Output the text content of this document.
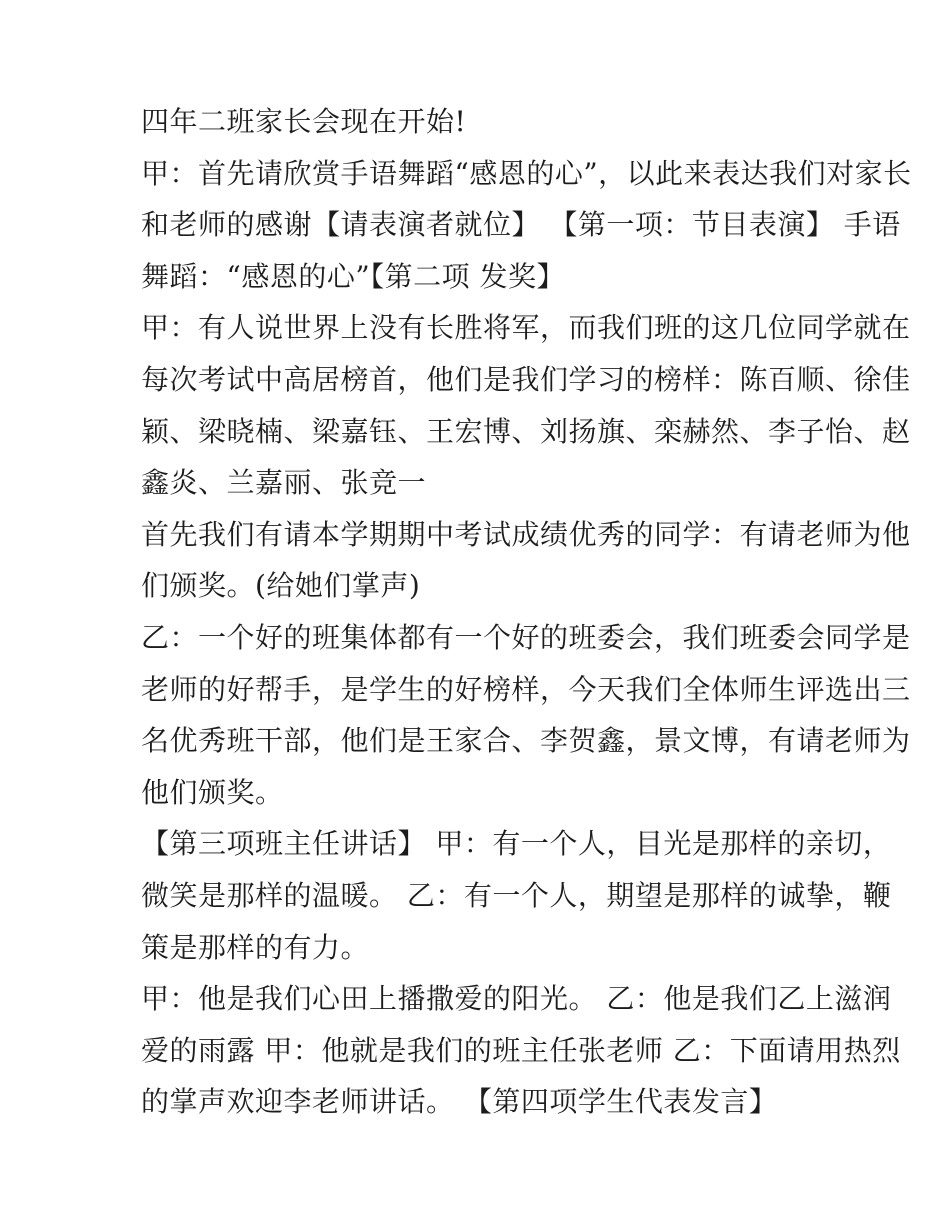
四年二班家长会现在开始!
甲：首先请欣赏手语舞蹈“感恩的心”，以此来表达我们对家长
和老师的感谢【请表演者就位】 【第一项：节目表演】 手语
舞蹈：“感恩的心”【第二项 发奖】
甲：有人说世界上没有长胜将军，而我们班的这几位同学就在
每次考试中高居榜首，他们是我们学习的榜样：陈百顺、徐佳
颖、梁晓楠、梁嘉钰、王宏博、刘扬旗、栾赫然、李子怡、赵
鑫炎、兰嘉丽、张竞一
首先我们有请本学期期中考试成绩优秀的同学：有请老师为他
们颁奖。(给她们掌声)
乙：一个好的班集体都有一个好的班委会，我们班委会同学是
老师的好帮手，是学生的好榜样，今天我们全体师生评选出三
名优秀班干部，他们是王家合、李贺鑫，景文博，有请老师为
他们颁奖。
【第三项班主任讲话】 甲：有一个人，目光是那样的亲切，
微笑是那样的温暖。 乙：有一个人，期望是那样的诚挚，鞭
策是那样的有力。
甲：他是我们心田上播撒爱的阳光。 乙：他是我们乙上滋润
爱的雨露 甲：他就是我们的班主任张老师 乙：下面请用热烈
的掌声欢迎李老师讲话。 【第四项学生代表发言】
